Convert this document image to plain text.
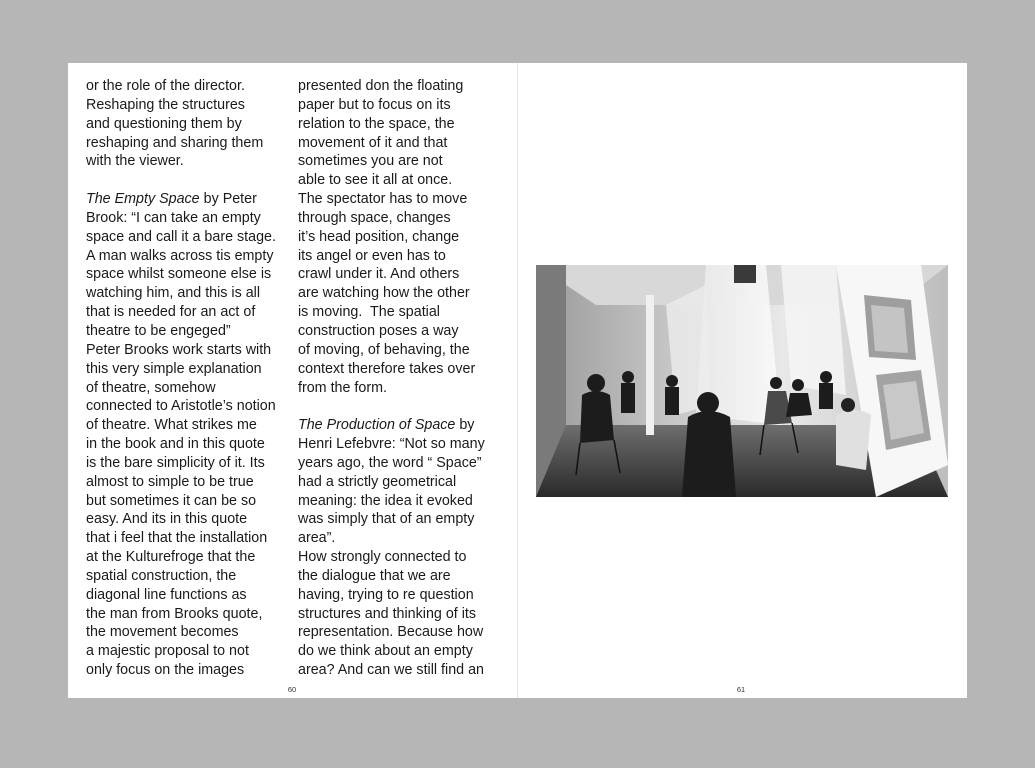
or the role of the director.
Reshaping the structures
and questioning them by
reshaping and sharing them
with the viewer.
The Empty Space by Peter
Brook: “I can take an empty
space and call it a bare stage.
A man walks across tis empty
space whilst someone else is
watching him, and this is all
that is needed for an act of
theatre to be engeged”
Peter Brooks work starts with
this very simple explanation
of theatre, somehow
connected to Aristotle’s notion
of theatre. What strikes me
in the book and in this quote
is the bare simplicity of it. Its
almost to simple to be true
but sometimes it can be so
easy. And its in this quote
that i feel that the installation
at the Kulturefroge that the
spatial construction, the
diagonal line functions as
the man from Brooks quote,
the movement becomes
a majestic proposal to not
only focus on the images
presented don the floating
paper but to focus on its
relation to the space, the
movement of it and that
sometimes you are not
able to see it all at once.
The spectator has to move
through space, changes
it’s head position, change
its angel or even has to
crawl under it. And others
are watching how the other
is moving.  The spatial
construction poses a way
of moving, of behaving, the
context therefore takes over
from the form.
The Production of Space by
Henri Lefebvre: “Not so many
years ago, the word “ Space”
had a strictly geometrical
meaning: the idea it evoked
was simply that of an empty
area”.
How strongly connected to
the dialogue that we are
having, trying to re question
structures and thinking of its
representation. Because how
do we think about an empty
area? And can we still find an
60	61
